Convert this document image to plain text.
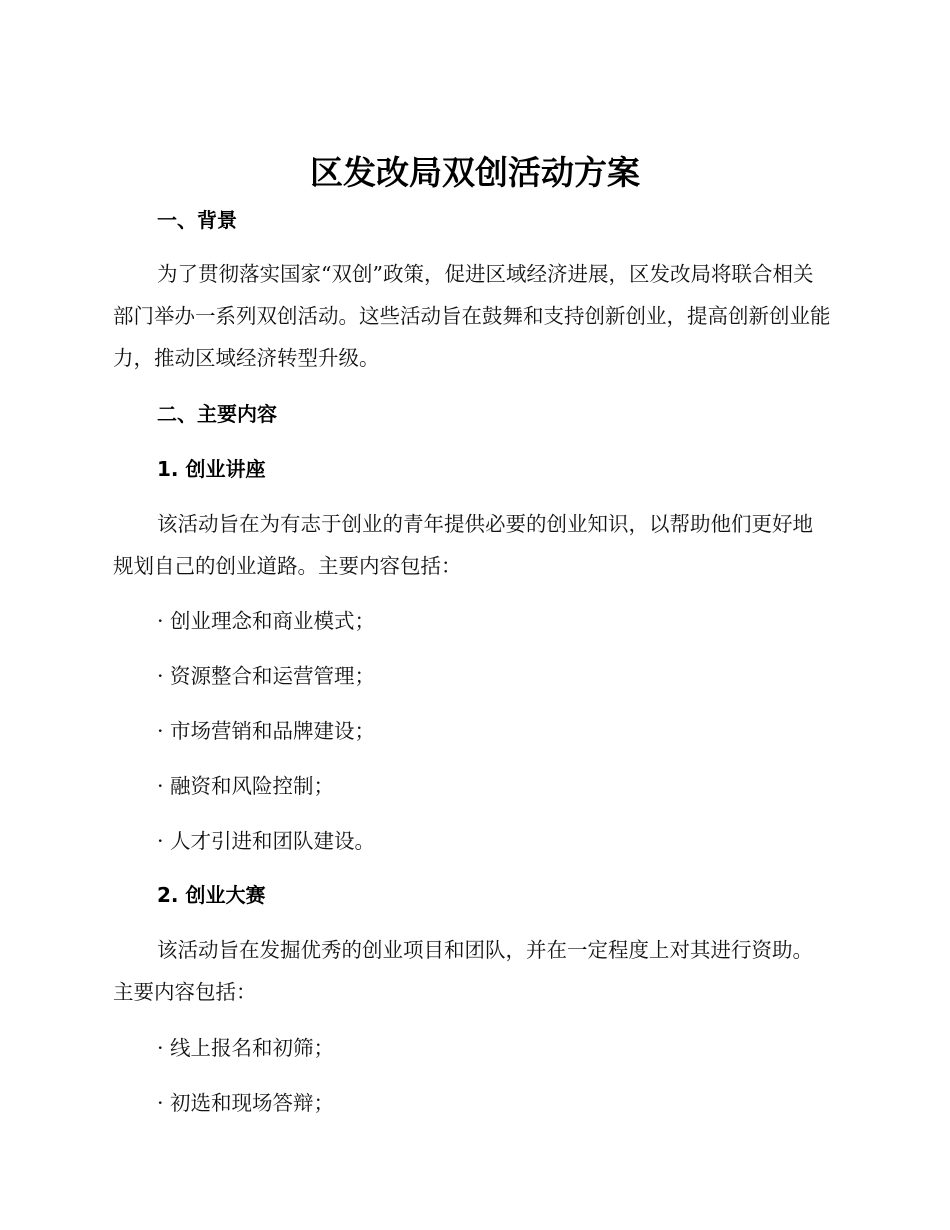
区发改局双创活动方案
一、背景

为了贯彻落实国家“双创”政策，促进区域经济进展，区发改局将联合相关部门举办一系列双创活动。这些活动旨在鼓舞和支持创新创业，提高创新创业能力，推动区域经济转型升级。

二、主要内容
1. 创业讲座

该活动旨在为有志于创业的青年提供必要的创业知识，以帮助他们更好地规划自己的创业道路。主要内容包括：

· 创业理念和商业模式；

· 资源整合和运营管理；

· 市场营销和品牌建设；

· 融资和风险控制；

· 人才引进和团队建设。

2. 创业大赛

该活动旨在发掘优秀的创业项目和团队，并在一定程度上对其进行资助。主要内容包括：

· 线上报名和初筛；

· 初选和现场答辩；
